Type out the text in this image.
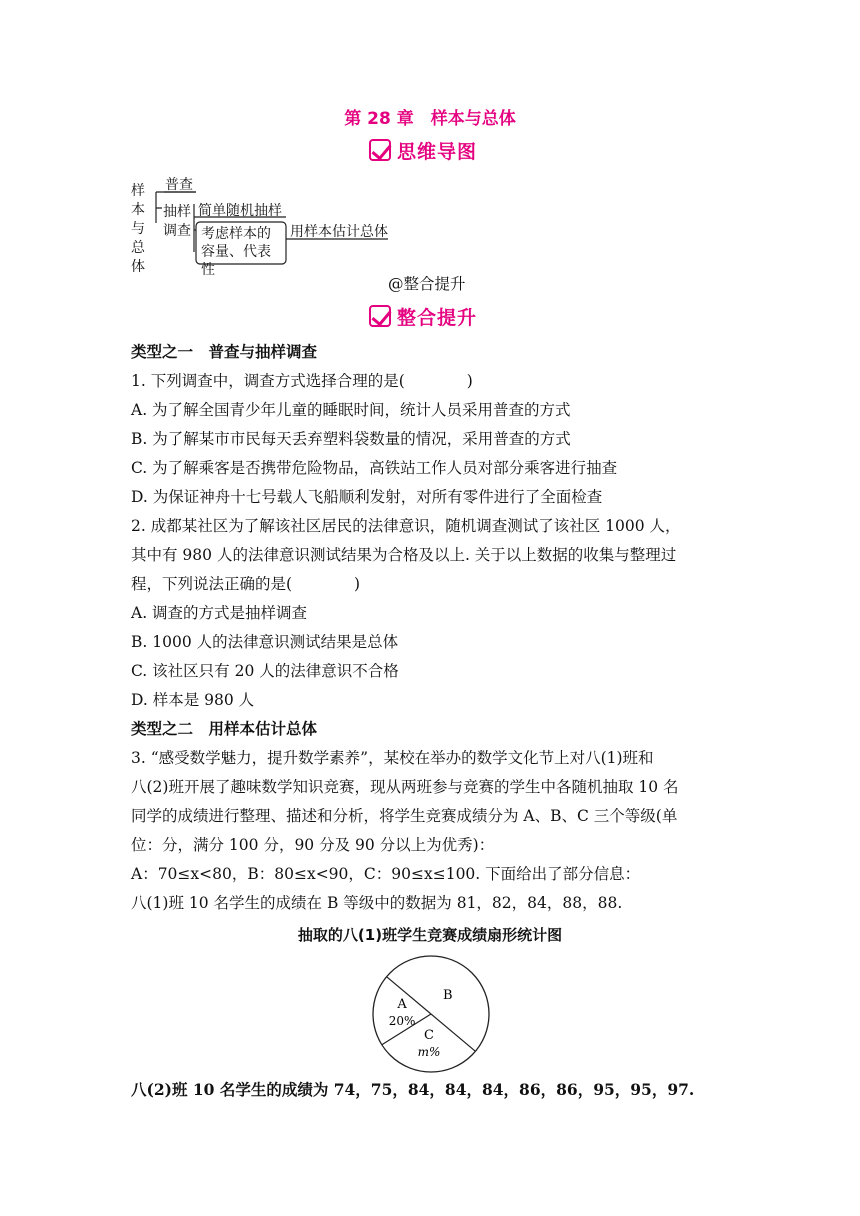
第 28 章　样本与总体
思维导图
样本与总体
普查
抽样调查
简单随机抽样
考虑样本的容量、代表性
用样本估计总体
@整合提升
整合提升
类型之一　普查与抽样调查
1. 下列调查中，调查方式选择合理的是(　　　　)
A. 为了解全国青少年儿童的睡眠时间，统计人员采用普查的方式
B. 为了解某市市民每天丢弃塑料袋数量的情况，采用普查的方式
C. 为了解乘客是否携带危险物品，高铁站工作人员对部分乘客进行抽查
D. 为保证神舟十七号载人飞船顺利发射，对所有零件进行了全面检查
2. 成都某社区为了解该社区居民的法律意识，随机调查测试了该社区 1000 人，
其中有 980 人的法律意识测试结果为合格及以上. 关于以上数据的收集与整理过
程，下列说法正确的是(　　　　)
A. 调查的方式是抽样调查
B. 1000 人的法律意识测试结果是总体
C. 该社区只有 20 人的法律意识不合格
D. 样本是 980 人
类型之二　用样本估计总体
3. “感受数学魅力，提升数学素养”，某校在举办的数学文化节上对八(1)班和
八(2)班开展了趣味数学知识竞赛，现从两班参与竞赛的学生中各随机抽取 10 名
同学的成绩进行整理、描述和分析，将学生竞赛成绩分为 A、B、C 三个等级(单
位：分，满分 100 分，90 分及 90 分以上为优秀)：
A：70≤x<80，B：80≤x<90，C：90≤x≤100. 下面给出了部分信息：
八(1)班 10 名学生的成绩在 B 等级中的数据为 81，82，84，88，88.
抽取的八(1)班学生竞赛成绩扇形统计图
A
20%
B
C
m%
八(2)班 10 名学生的成绩为 74，75，84，84，84，86，86，95，95，97.
